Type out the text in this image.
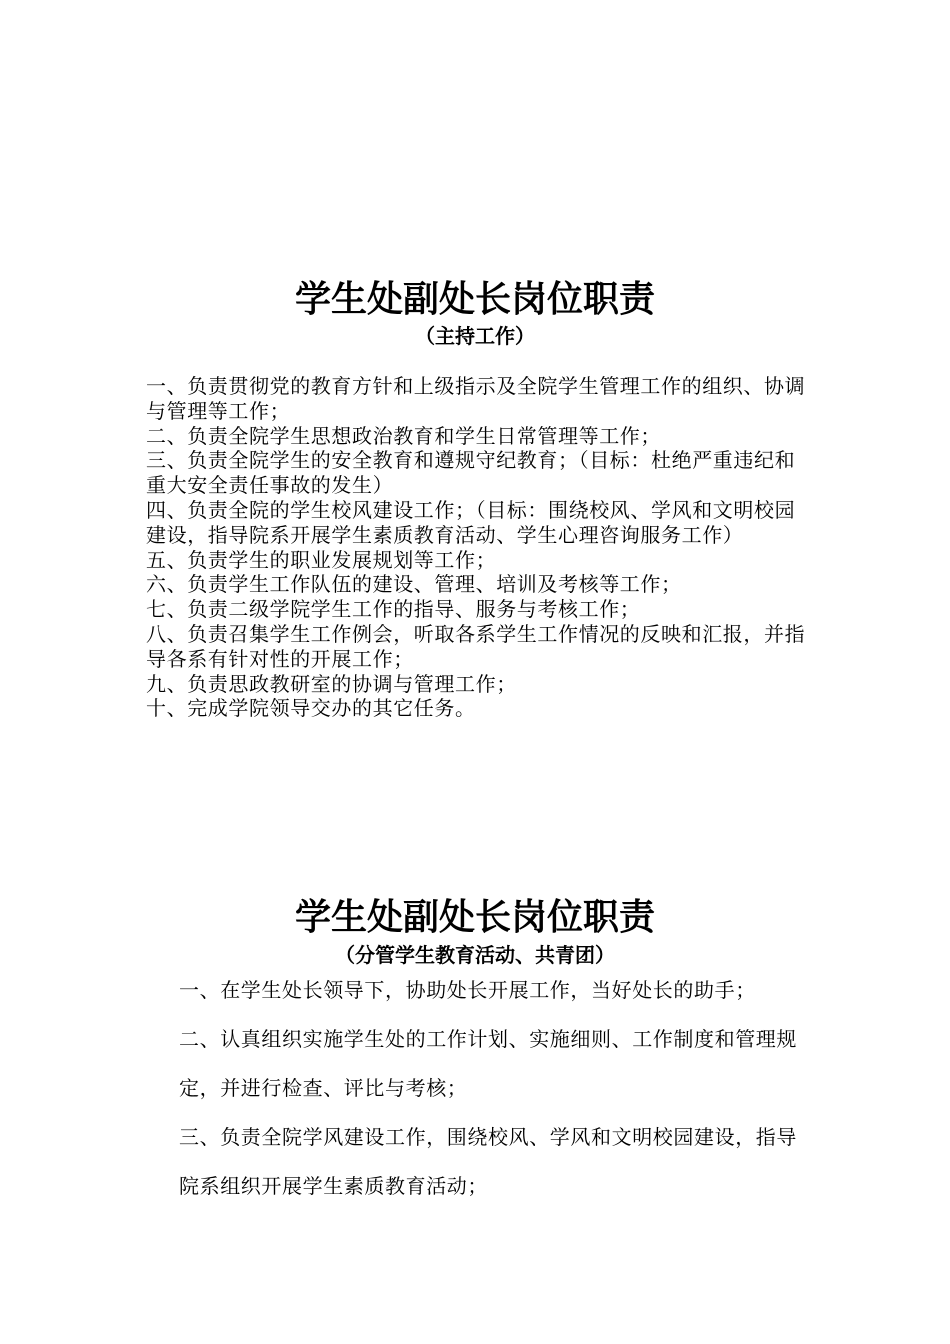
学生处副处长岗位职责
（主持工作）
一、负责贯彻党的教育方针和上级指示及全院学生管理工作的组织、协调与管理等工作；
二、负责全院学生思想政治教育和学生日常管理等工作；
三、负责全院学生的安全教育和遵规守纪教育；（目标：杜绝严重违纪和重大安全责任事故的发生）
四、负责全院的学生校风建设工作；（目标：围绕校风、学风和文明校园建设，指导院系开展学生素质教育活动、学生心理咨询服务工作）
五、负责学生的职业发展规划等工作；
六、负责学生工作队伍的建设、管理、培训及考核等工作；
七、负责二级学院学生工作的指导、服务与考核工作；
八、负责召集学生工作例会，听取各系学生工作情况的反映和汇报，并指导各系有针对性的开展工作；
九、负责思政教研室的协调与管理工作；
十、完成学院领导交办的其它任务。
学生处副处长岗位职责
（分管学生教育活动、共青团）
一、在学生处长领导下，协助处长开展工作，当好处长的助手；
二、认真组织实施学生处的工作计划、实施细则、工作制度和管理规定，并进行检查、评比与考核；
三、负责全院学风建设工作，围绕校风、学风和文明校园建设，指导院系组织开展学生素质教育活动；
